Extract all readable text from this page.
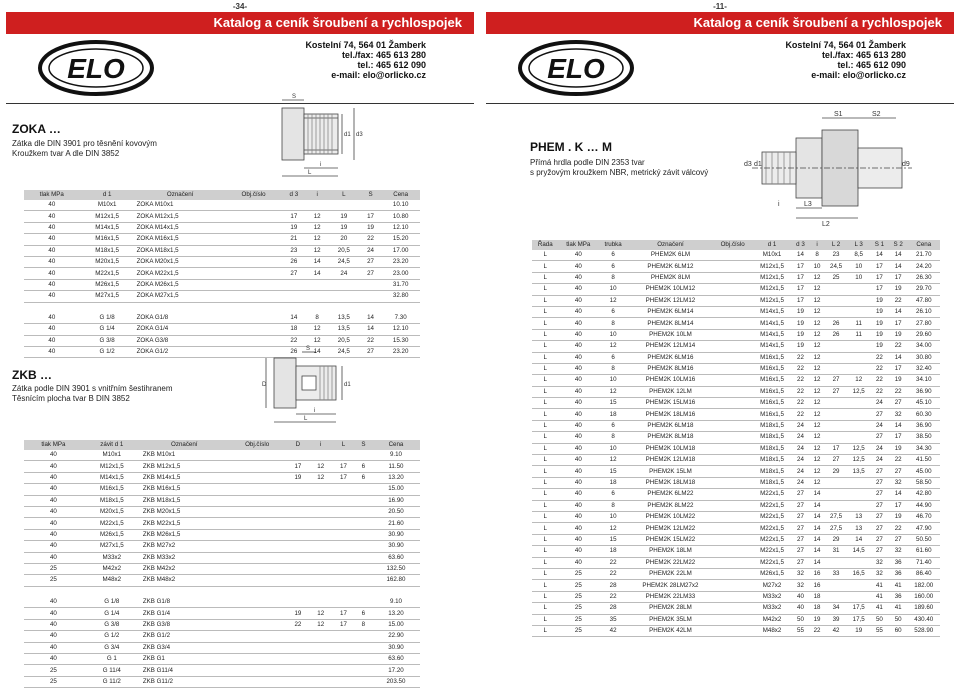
-34-
Katalog a ceník šroubení a rychlospojek
ELO
Kostelní 74, 564 01 Žamberk
tel./fax: 465 613 280
tel.: 465 612 090
e-mail: elo@orlicko.cz
ZOKA …
Zátka dle DIN 3901 pro těsnění kovovým
Kroužkem tvar A dle DIN 3852
S
d1 d3
i
L
tlak MPa	d 1	Označení	Obj.číslo	d 3	i	L	S	Cena
40	M10x1	ZOKA M10x1						10.10
40	M12x1,5	ZOKA M12x1,5		17	12	19	17	10.80
40	M14x1,5	ZOKA M14x1,5		19	12	19	19	12.10
40	M16x1,5	ZOKA M16x1,5		21	12	20	22	15.20
40	M18x1,5	ZOKA M18x1,5		23	12	20,5	24	17.00
40	M20x1,5	ZOKA M20x1,5		26	14	24,5	27	23.20
40	M22x1,5	ZOKA M22x1,5		27	14	24	27	23.00
40	M26x1,5	ZOKA M26x1,5						31.70
40	M27x1,5	ZOKA M27x1,5						32.80

40	G 1/8	ZOKA G1/8		14	8	13,5	14	7.30
40	G 1/4	ZOKA G1/4		18	12	13,5	14	12.10
40	G 3/8	ZOKA G3/8		22	12	20,5	22	15.30
40	G 1/2	ZOKA G1/2		26	14	24,5	27	23.20
ZKB …
Zátka podle DIN 3901 s vnitřním šestihranem
Těsnícím plocha tvar B DIN 3852
S
D	d1
i
L
tlak MPa	závit d 1	Označení	Obj.číslo	D	i	L	S	Cena
40	M10x1	ZKB M10x1						9.10
40	M12x1,5	ZKB M12x1,5		17	12	17	6	11.50
40	M14x1,5	ZKB M14x1,5		19	12	17	6	13.20
40	M16x1,5	ZKB M16x1,5						15.00
40	M18x1,5	ZKB M18x1,5						16.90
40	M20x1,5	ZKB M20x1,5						20.50
40	M22x1,5	ZKB M22x1,5						21.60
40	M26x1,5	ZKB M26x1,5						30.90
40	M27x1,5	ZKB M27x2						30.90
40	M33x2	ZKB M33x2						63.60
25	M42x2	ZKB M42x2						132.50
25	M48x2	ZKB M48x2						162.80

40	G 1/8	ZKB G1/8						9.10
40	G 1/4	ZKB G1/4		19	12	17	6	13.20
40	G 3/8	ZKB G3/8		22	12	17	8	15.00
40	G 1/2	ZKB G1/2						22.90
40	G 3/4	ZKB G3/4						30.90
40	G 1	ZKB G1						63.60
25	G 11/4	ZKB G11/4						17.20
25	G 11/2	ZKB G11/2						203.50
-11-
Katalog a ceník šroubení a rychlospojek
ELO
Kostelní 74, 564 01 Žamberk
tel./fax: 465 613 280
tel.: 465 612 090
e-mail: elo@orlicko.cz
PHEM . K … M
Přímá hrdla podle DIN 2353 tvar
s pryžovým kroužkem NBR, metrický závit válcový
S1	S2
d3 d1	d9
i	L3
L2
Řada	tlak MPa	trubka	Označení	Obj.číslo	d 1	d 3	i	L 2	L 3	S 1	S 2	Cena
L	40	6	PHEM2K 6LM		M10x1	14	8	23	8,5	14	14	21.70
L	40	6	PHEM2K 6LM12		M12x1,5	17	10	24,5	10	17	14	24.20
L	40	8	PHEM2K 8LM		M12x1,5	17	12	25	10	17	17	26.30
L	40	10	PHEM2K 10LM12		M12x1,5	17	12			17	19	29.70
L	40	12	PHEM2K 12LM12		M12x1,5	17	12			19	22	47.80
L	40	6	PHEM2K 6LM14		M14x1,5	19	12			19	14	26.10
L	40	8	PHEM2K 8LM14		M14x1,5	19	12	26	11	19	17	27.80
L	40	10	PHEM2K 10LM		M14x1,5	19	12	26	11	19	19	29.60
L	40	12	PHEM2K 12LM14		M14x1,5	19	12			19	22	34.00
L	40	6	PHEM2K 6LM16		M16x1,5	22	12			22	14	30.80
L	40	8	PHEM2K 8LM16		M16x1,5	22	12			22	17	32.40
L	40	10	PHEM2K 10LM16		M16x1,5	22	12	27	12	22	19	34.10
L	40	12	PHEM2K 12LM		M16x1,5	22	12	27	12,5	22	22	36.90
L	40	15	PHEM2K 15LM16		M16x1,5	22	12			24	27	45.10
L	40	18	PHEM2K 18LM16		M16x1,5	22	12			27	32	60.30
L	40	6	PHEM2K 6LM18		M18x1,5	24	12			24	14	36.90
L	40	8	PHEM2K 8LM18		M18x1,5	24	12			27	17	38.50
L	40	10	PHEM2K 10LM18		M18x1,5	24	12	17	12,5	24	19	34.30
L	40	12	PHEM2K 12LM18		M18x1,5	24	12	27	12,5	24	22	41.50
L	40	15	PHEM2K 15LM		M18x1,5	24	12	29	13,5	27	27	45.00
L	40	18	PHEM2K 18LM18		M18x1,5	24	12			27	32	58.50
L	40	6	PHEM2K 6LM22		M22x1,5	27	14			27	14	42.80
L	40	8	PHEM2K 8LM22		M22x1,5	27	14			27	17	44.90
L	40	10	PHEM2K 10LM22		M22x1,5	27	14	27,5	13	27	19	46.70
L	40	12	PHEM2K 12LM22		M22x1,5	27	14	27,5	13	27	22	47.90
L	40	15	PHEM2K 15LM22		M22x1,5	27	14	29	14	27	27	50.50
L	40	18	PHEM2K 18LM		M22x1,5	27	14	31	14,5	27	32	61.60
L	40	22	PHEM2K 22LM22		M22x1,5	27	14			32	36	71.40
L	25	22	PHEM2K 22LM		M26x1,5	32	16	33	16,5	32	36	86.40
L	25	28	PHEM2K 28LM27x2		M27x2	32	16			41	41	182.00
L	25	22	PHEM2K 22LM33		M33x2	40	18			41	36	160.00
L	25	28	PHEM2K 28LM		M33x2	40	18	34	17,5	41	41	189.60
L	25	35	PHEM2K 35LM		M42x2	50	19	39	17,5	50	50	430.40
L	25	42	PHEM2K 42LM		M48x2	55	22	42	19	55	60	528.90
